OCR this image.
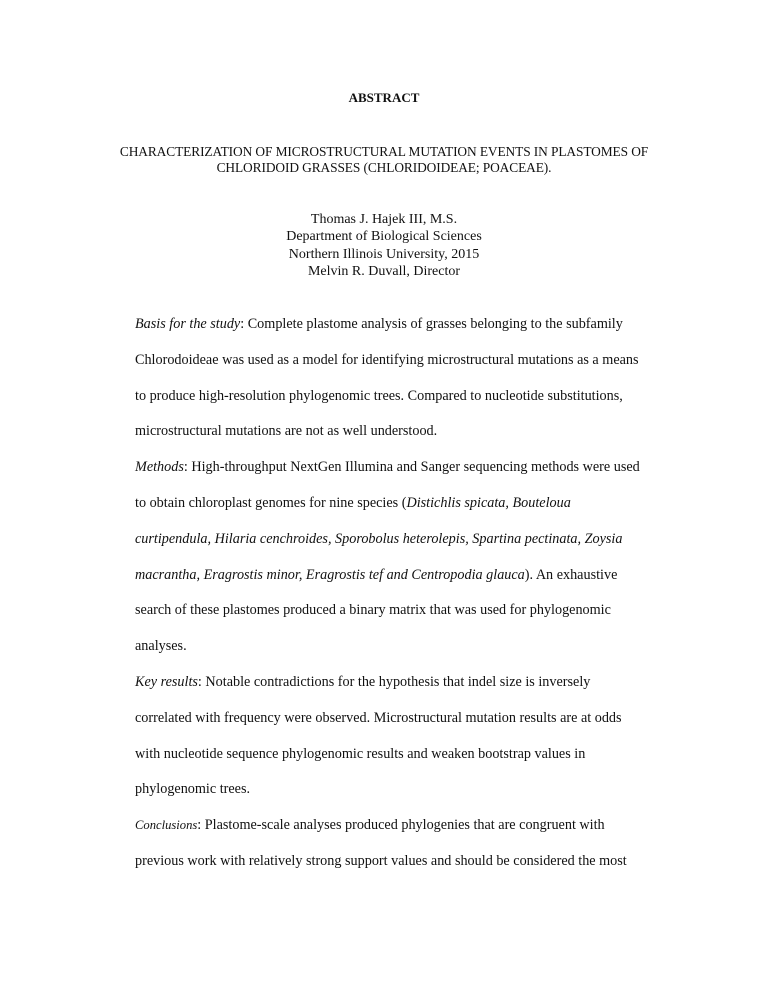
ABSTRACT
CHARACTERIZATION OF MICROSTRUCTURAL MUTATION EVENTS IN PLASTOMES OF
CHLORIDOID GRASSES (CHLORIDOIDEAE; POACEAE).
Thomas J. Hajek III, M.S.
Department of Biological Sciences
Northern Illinois University, 2015
Melvin R. Duvall, Director
Basis for the study: Complete plastome analysis of grasses belonging to the subfamily
Chlorodoideae was used as a model for identifying microstructural mutations as a means
to produce high-resolution phylogenomic trees. Compared to nucleotide substitutions,
microstructural mutations are not as well understood.
Methods: High-throughput NextGen Illumina and Sanger sequencing methods were used
to obtain chloroplast genomes for nine species (Distichlis spicata, Bouteloua
curtipendula, Hilaria cenchroides, Sporobolus heterolepis, Spartina pectinata, Zoysia
macrantha, Eragrostis minor, Eragrostis tef and Centropodia glauca). An exhaustive
search of these plastomes produced a binary matrix that was used for phylogenomic
analyses.
Key results: Notable contradictions for the hypothesis that indel size is inversely
correlated with frequency were observed. Microstructural mutation results are at odds
with nucleotide sequence phylogenomic results and weaken bootstrap values in
phylogenomic trees.
Conclusions: Plastome-scale analyses produced phylogenies that are congruent with
previous work with relatively strong support values and should be considered the most
